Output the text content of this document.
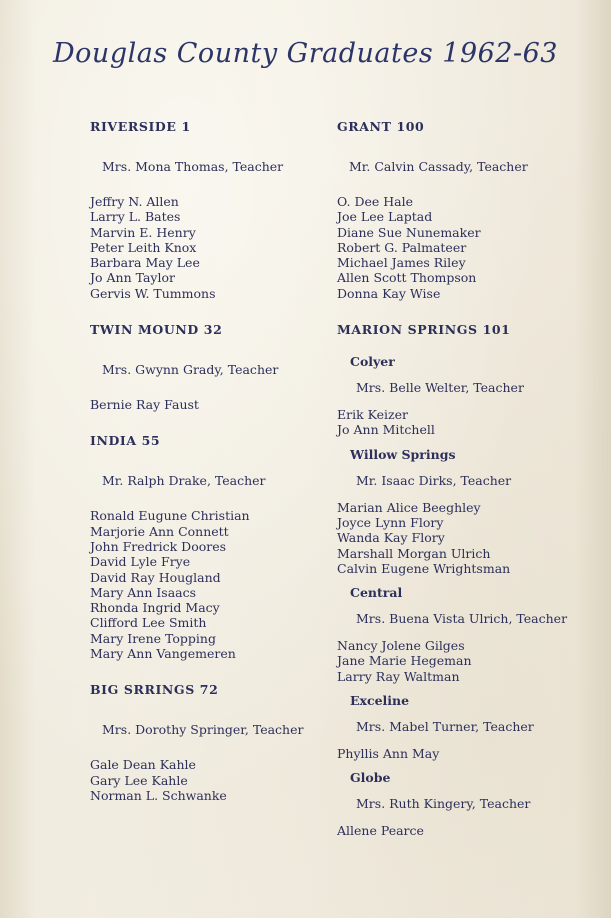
Douglas County Graduates 1962-63
RIVERSIDE 1
Mrs. Mona Thomas, Teacher
Jeffry N. Allen
Larry L. Bates
Marvin E. Henry
Peter Leith Knox
Barbara May Lee
Jo Ann Taylor
Gervis W. Tummons
TWIN MOUND 32
Mrs. Gwynn Grady, Teacher
Bernie Ray Faust
INDIA 55
Mr. Ralph Drake, Teacher
Ronald Eugune Christian
Marjorie Ann Connett
John Fredrick Doores
David Lyle Frye
David Ray Hougland
Mary Ann Isaacs
Rhonda Ingrid Macy
Clifford Lee Smith
Mary Irene Topping
Mary Ann Vangemeren
BIG SRRINGS 72
Mrs. Dorothy Springer, Teacher
Gale Dean Kahle
Gary Lee Kahle
Norman L. Schwanke
GRANT 100
Mr. Calvin Cassady, Teacher
O. Dee Hale
Joe Lee Laptad
Diane Sue Nunemaker
Robert G. Palmateer
Michael James Riley
Allen Scott Thompson
Donna Kay Wise
MARION SPRINGS 101
Colyer
Mrs. Belle Welter, Teacher
Erik Keizer
Jo Ann Mitchell
Willow Springs
Mr. Isaac Dirks, Teacher
Marian Alice Beeghley
Joyce Lynn Flory
Wanda Kay Flory
Marshall Morgan Ulrich
Calvin Eugene Wrightsman
Central
Mrs. Buena Vista Ulrich, Teacher
Nancy Jolene Gilges
Jane Marie Hegeman
Larry Ray Waltman
Exceline
Mrs. Mabel Turner, Teacher
Phyllis Ann May
Globe
Mrs. Ruth Kingery, Teacher
Allene Pearce
